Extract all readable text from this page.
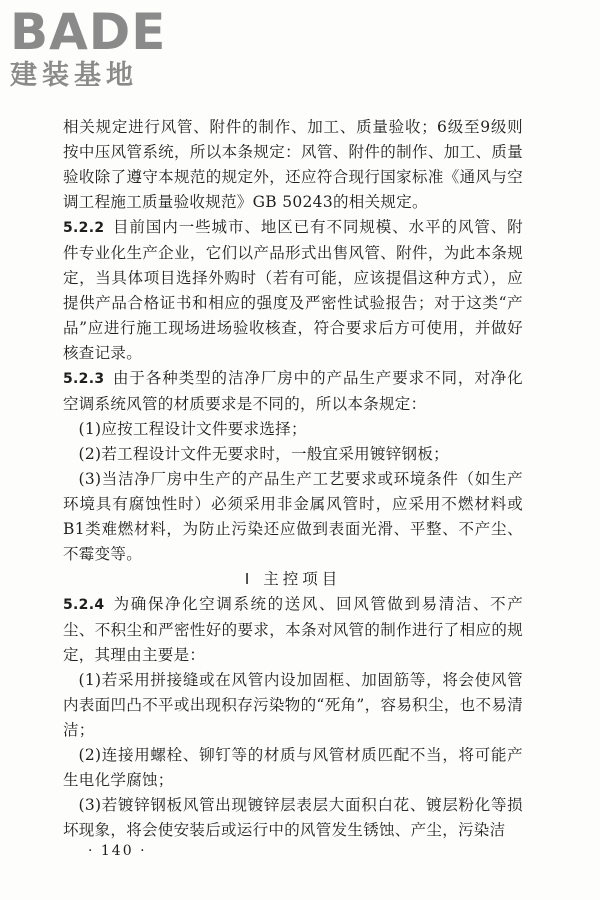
BADE
建装基地

相关规定进行风管、附件的制作、加工、质量验收；6级至9级则按中压风管系统，所以本条规定：风管、附件的制作、加工、质量验收除了遵守本规范的规定外，还应符合现行国家标准《通风与空调工程施工质量验收规范》GB 50243的相关规定。

5.2.2 目前国内一些城市、地区已有不同规模、水平的风管、附件专业化生产企业，它们以产品形式出售风管、附件，为此本条规定，当具体项目选择外购时（若有可能，应该提倡这种方式），应提供产品合格证书和相应的强度及严密性试验报告；对于这类“产品”应进行施工现场进场验收核查，符合要求后方可使用，并做好核查记录。

5.2.3 由于各种类型的洁净厂房中的产品生产要求不同，对净化空调系统风管的材质要求是不同的，所以本条规定：

(1)应按工程设计文件要求选择；

(2)若工程设计文件无要求时，一般宜采用镀锌钢板；

(3)当洁净厂房中生产的产品生产工艺要求或环境条件（如生产环境具有腐蚀性时）必须采用非金属风管时，应采用不燃材料或B1类难燃材料，为防止污染还应做到表面光滑、平整、不产尘、不霉变等。

Ⅰ 主控项目

5.2.4 为确保净化空调系统的送风、回风管做到易清洁、不产尘、不积尘和严密性好的要求，本条对风管的制作进行了相应的规定，其理由主要是：

(1)若采用拼接缝或在风管内设加固框、加固筋等，将会使风管内表面凹凸不平或出现积存污染物的“死角”，容易积尘，也不易清洁；

(2)连接用螺栓、铆钉等的材质与风管材质匹配不当，将可能产生电化学腐蚀；

(3)若镀锌钢板风管出现镀锌层表层大面积白花、镀层粉化等损坏现象，将会使安装后或运行中的风管发生锈蚀、产尘，污染洁

· 140 ·
